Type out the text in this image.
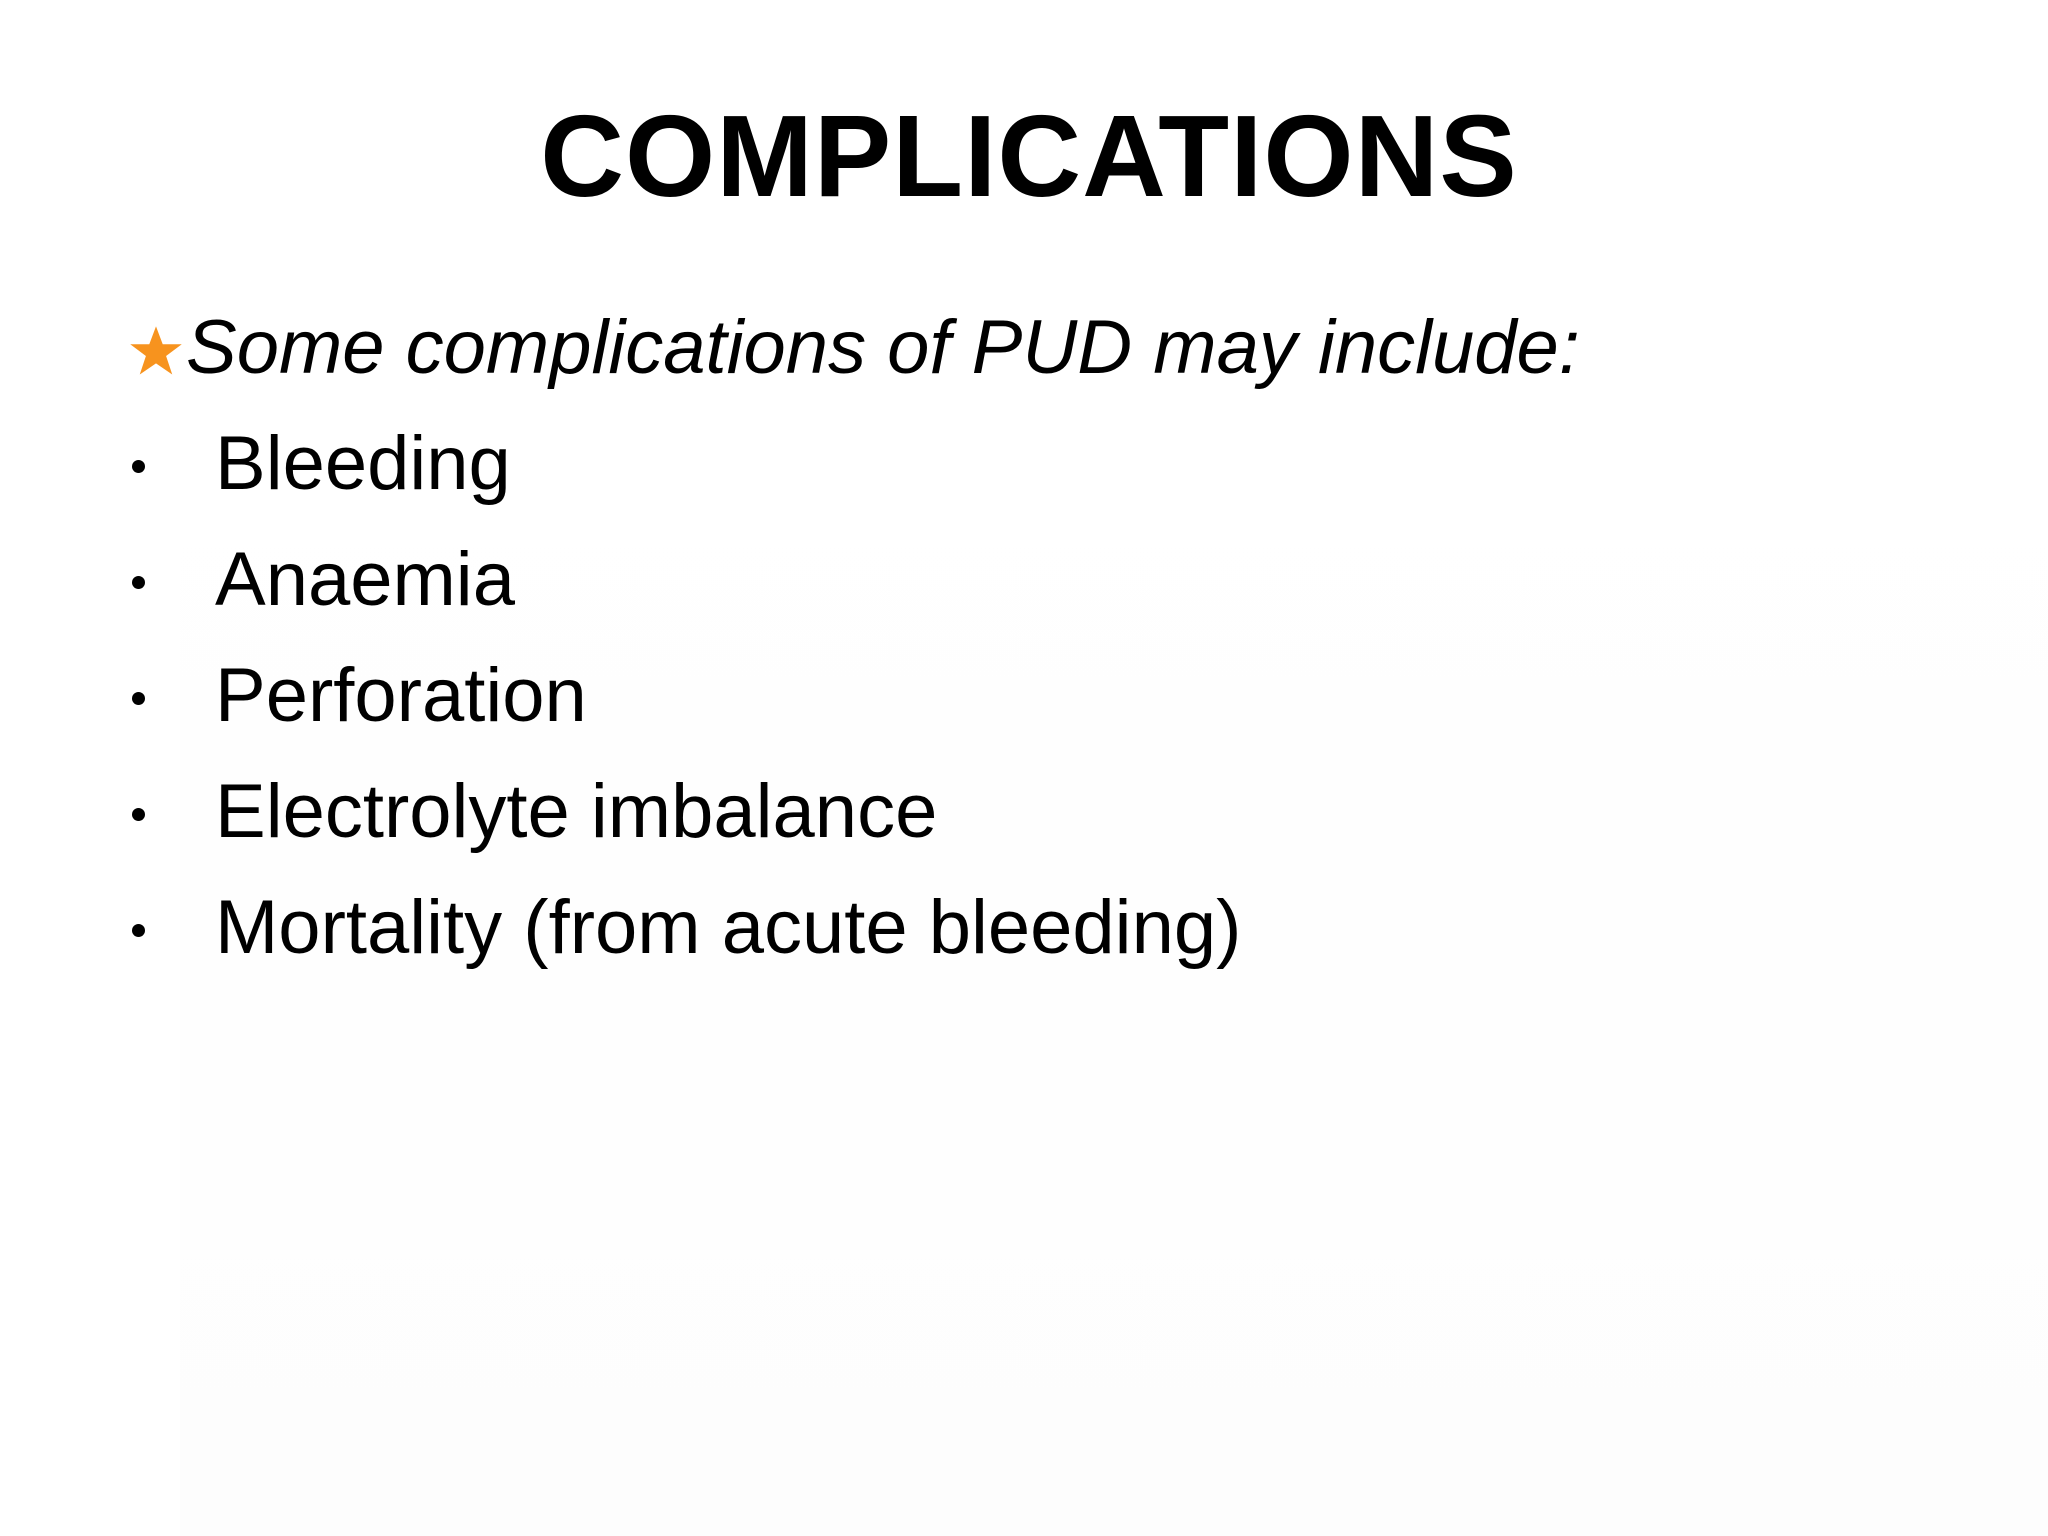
COMPLICATIONS
Some complications of PUD may include:
Bleeding
Anaemia
Perforation
Electrolyte imbalance
Mortality (from acute bleeding)
